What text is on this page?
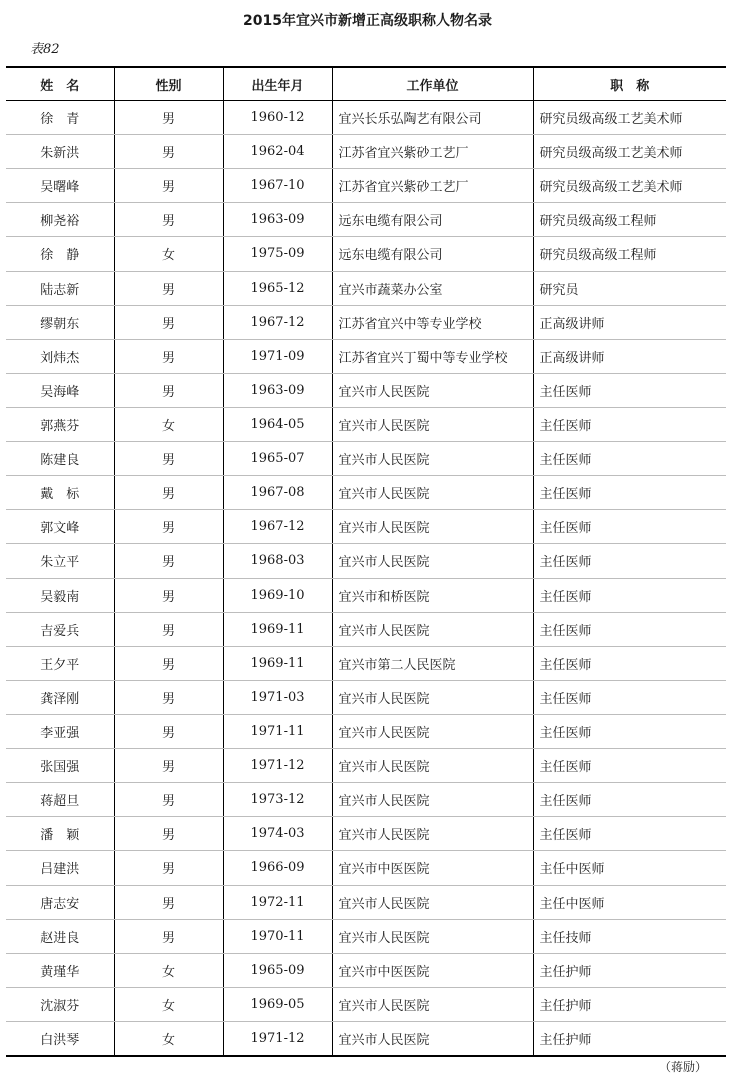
2015年宜兴市新增正高级职称人物名录
表82
姓　名	性别	出生年月	工作单位	职　称
徐　青	男	1960-12	宜兴长乐弘陶艺有限公司	研究员级高级工艺美术师
朱新洪	男	1962-04	江苏省宜兴紫砂工艺厂	研究员级高级工艺美术师
吴曙峰	男	1967-10	江苏省宜兴紫砂工艺厂	研究员级高级工艺美术师
柳尧裕	男	1963-09	远东电缆有限公司	研究员级高级工程师
徐　静	女	1975-09	远东电缆有限公司	研究员级高级工程师
陆志新	男	1965-12	宜兴市蔬菜办公室	研究员
缪朝东	男	1967-12	江苏省宜兴中等专业学校	正高级讲师
刘炜杰	男	1971-09	江苏省宜兴丁蜀中等专业学校	正高级讲师
吴海峰	男	1963-09	宜兴市人民医院	主任医师
郭燕芬	女	1964-05	宜兴市人民医院	主任医师
陈建良	男	1965-07	宜兴市人民医院	主任医师
戴　标	男	1967-08	宜兴市人民医院	主任医师
郭文峰	男	1967-12	宜兴市人民医院	主任医师
朱立平	男	1968-03	宜兴市人民医院	主任医师
吴毅南	男	1969-10	宜兴市和桥医院	主任医师
吉爱兵	男	1969-11	宜兴市人民医院	主任医师
王夕平	男	1969-11	宜兴市第二人民医院	主任医师
龚泽刚	男	1971-03	宜兴市人民医院	主任医师
李亚强	男	1971-11	宜兴市人民医院	主任医师
张国强	男	1971-12	宜兴市人民医院	主任医师
蒋超旦	男	1973-12	宜兴市人民医院	主任医师
潘　颖	男	1974-03	宜兴市人民医院	主任医师
吕建洪	男	1966-09	宜兴市中医医院	主任中医师
唐志安	男	1972-11	宜兴市人民医院	主任中医师
赵进良	男	1970-11	宜兴市人民医院	主任技师
黄瑾华	女	1965-09	宜兴市中医医院	主任护师
沈淑芬	女	1969-05	宜兴市人民医院	主任护师
白洪琴	女	1971-12	宜兴市人民医院	主任护师
（蒋励）
